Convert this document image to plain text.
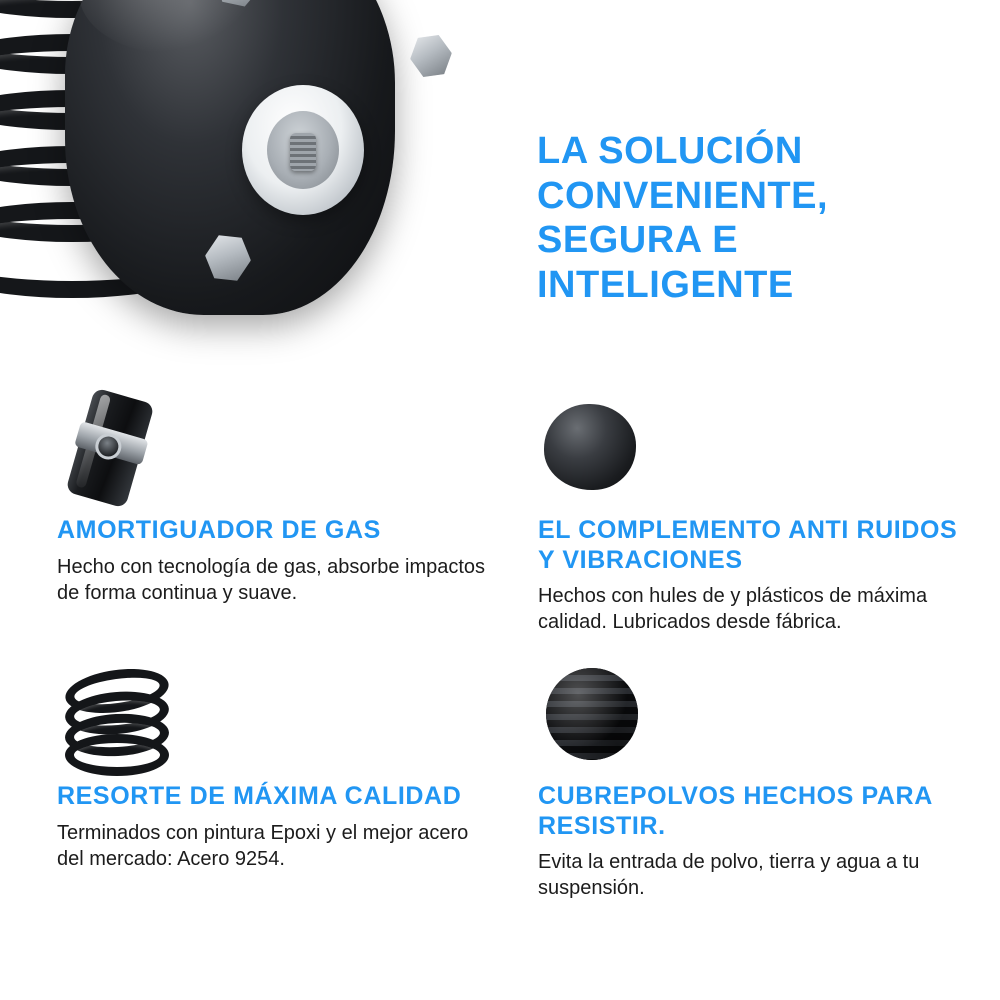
LA SOLUCIÓN CONVENIENTE, SEGURA E INTELIGENTE
AMORTIGUADOR DE GAS

Hecho con tecnología de gas, absorbe impactos de forma continua y suave.

EL COMPLEMENTO ANTI RUIDOS Y VIBRACIONES

Hechos con hules de y plásticos de máxima calidad. Lubricados desde fábrica.

RESORTE DE MÁXIMA CALIDAD

Terminados con pintura Epoxi y el mejor acero del mercado: Acero 9254.

CUBREPOLVOS HECHOS PARA RESISTIR.

Evita la entrada de polvo, tierra y agua a tu suspensión.
